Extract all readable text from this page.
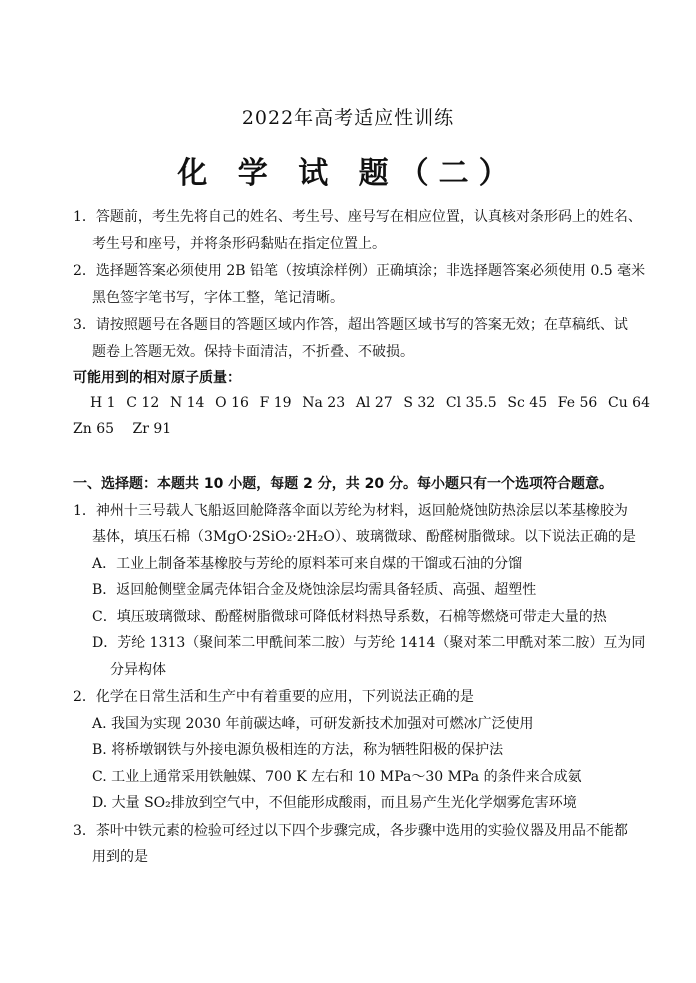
2022年高考适应性训练
化 学 试 题（二）
1．答题前，考生先将自己的姓名、考生号、座号写在相应位置，认真核对条形码上的姓名、
考生号和座号，并将条形码黏贴在指定位置上。
2．选择题答案必须使用 2B 铅笔（按填涂样例）正确填涂；非选择题答案必须使用 0.5 毫米
黑色签字笔书写，字体工整，笔记清晰。
3．请按照题号在各题目的答题区域内作答，超出答题区域书写的答案无效；在草稿纸、试
题卷上答题无效。保持卡面清洁，不折叠、不破损。
可能用到的相对原子质量：
H 1 C 12 N 14 O 16 F 19 Na 23 Al 27 S 32 Cl 35.5 Sc 45 Fe 56 Cu 64
Zn 65 Zr 91
一、选择题：本题共 10 小题，每题 2 分，共 20 分。每小题只有一个选项符合题意。
1．神州十三号载人飞船返回舱降落伞面以芳纶为材料，返回舱烧蚀防热涂层以苯基橡胶为
基体，填压石棉（3MgO·2SiO₂·2H₂O）、玻璃微球、酚醛树脂微球。以下说法正确的是
A．工业上制备苯基橡胶与芳纶的原料苯可来自煤的干馏或石油的分馏
B．返回舱侧壁金属壳体铝合金及烧蚀涂层均需具备轻质、高强、超塑性
C．填压玻璃微球、酚醛树脂微球可降低材料热导系数，石棉等燃烧可带走大量的热
D．芳纶 1313（聚间苯二甲酰间苯二胺）与芳纶 1414（聚对苯二甲酰对苯二胺）互为同
分异构体
2．化学在日常生活和生产中有着重要的应用，下列说法正确的是
A. 我国为实现 2030 年前碳达峰，可研发新技术加强对可燃冰广泛使用
B. 将桥墩钢铁与外接电源负极相连的方法，称为牺牲阳极的保护法
C. 工业上通常采用铁触媒、700 K 左右和 10 MPa～30 MPa 的条件来合成氨
D. 大量 SO₂排放到空气中，不但能形成酸雨，而且易产生光化学烟雾危害环境
3．茶叶中铁元素的检验可经过以下四个步骤完成，各步骤中选用的实验仪器及用品不能都
用到的是
